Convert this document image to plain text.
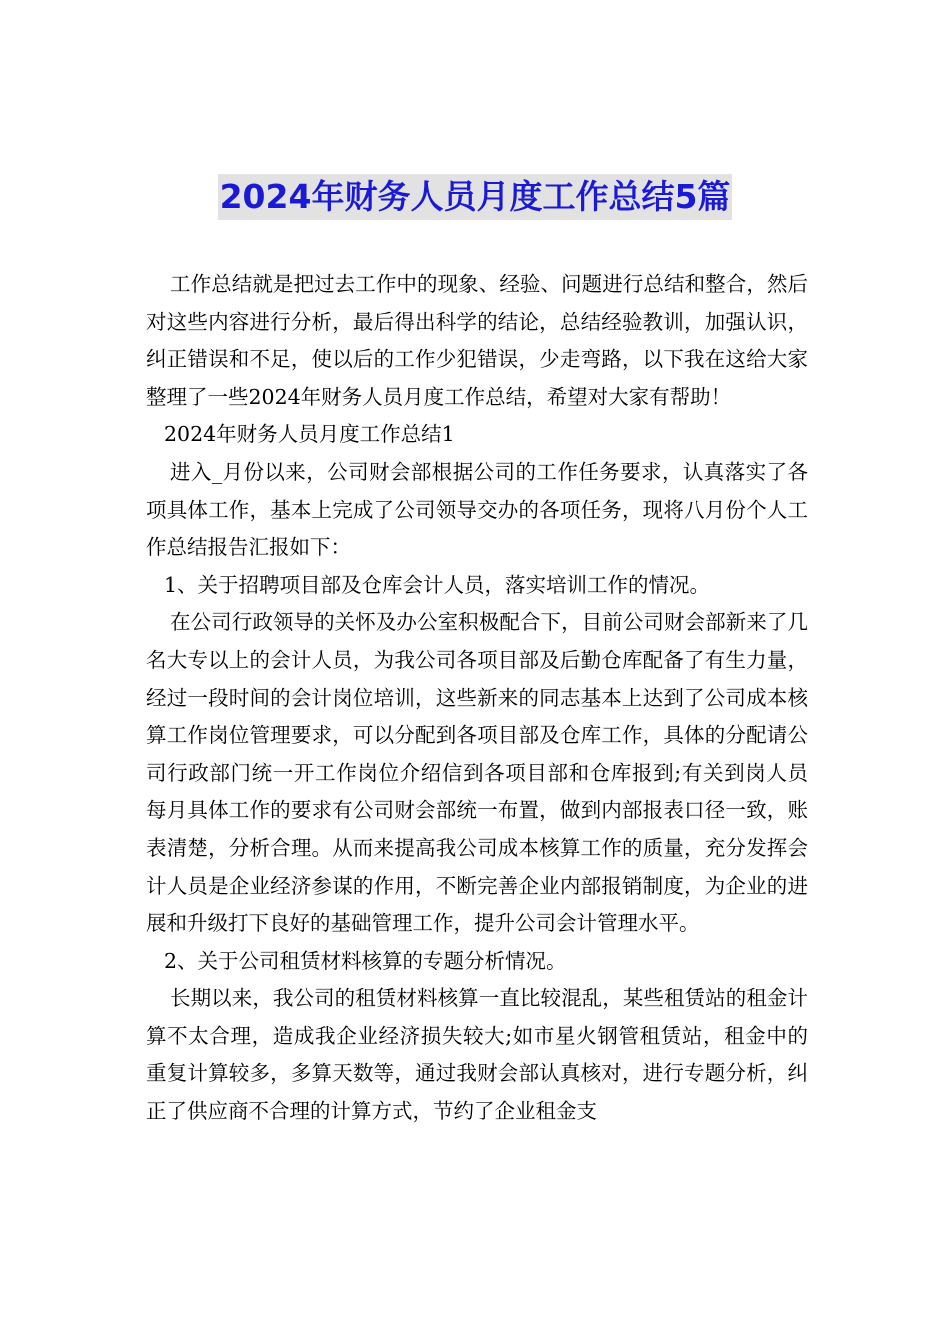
2024年财务人员月度工作总结5篇

工作总结就是把过去工作中的现象、经验、问题进行总结和整合，然后对这些内容进行分析，最后得出科学的结论，总结经验教训，加强认识，纠正错误和不足，使以后的工作少犯错误，少走弯路，以下我在这给大家整理了一些2024年财务人员月度工作总结，希望对大家有帮助！

2024年财务人员月度工作总结1

进入_月份以来，公司财会部根据公司的工作任务要求，认真落实了各项具体工作，基本上完成了公司领导交办的各项任务，现将八月份个人工作总结报告汇报如下：

1、关于招聘项目部及仓库会计人员，落实培训工作的情况。

在公司行政领导的关怀及办公室积极配合下，目前公司财会部新来了几名大专以上的会计人员，为我公司各项目部及后勤仓库配备了有生力量，经过一段时间的会计岗位培训，这些新来的同志基本上达到了公司成本核算工作岗位管理要求，可以分配到各项目部及仓库工作，具体的分配请公司行政部门统一开工作岗位介绍信到各项目部和仓库报到;有关到岗人员每月具体工作的要求有公司财会部统一布置，做到内部报表口径一致，账表清楚，分析合理。从而来提高我公司成本核算工作的质量，充分发挥会计人员是企业经济参谋的作用，不断完善企业内部报销制度，为企业的进展和升级打下良好的基础管理工作，提升公司会计管理水平。

2、关于公司租赁材料核算的专题分析情况。

长期以来，我公司的租赁材料核算一直比较混乱，某些租赁站的租金计算不太合理，造成我企业经济损失较大;如市星火钢管租赁站，租金中的重复计算较多，多算天数等，通过我财会部认真核对，进行专题分析，纠正了供应商不合理的计算方式，节约了企业租金支
